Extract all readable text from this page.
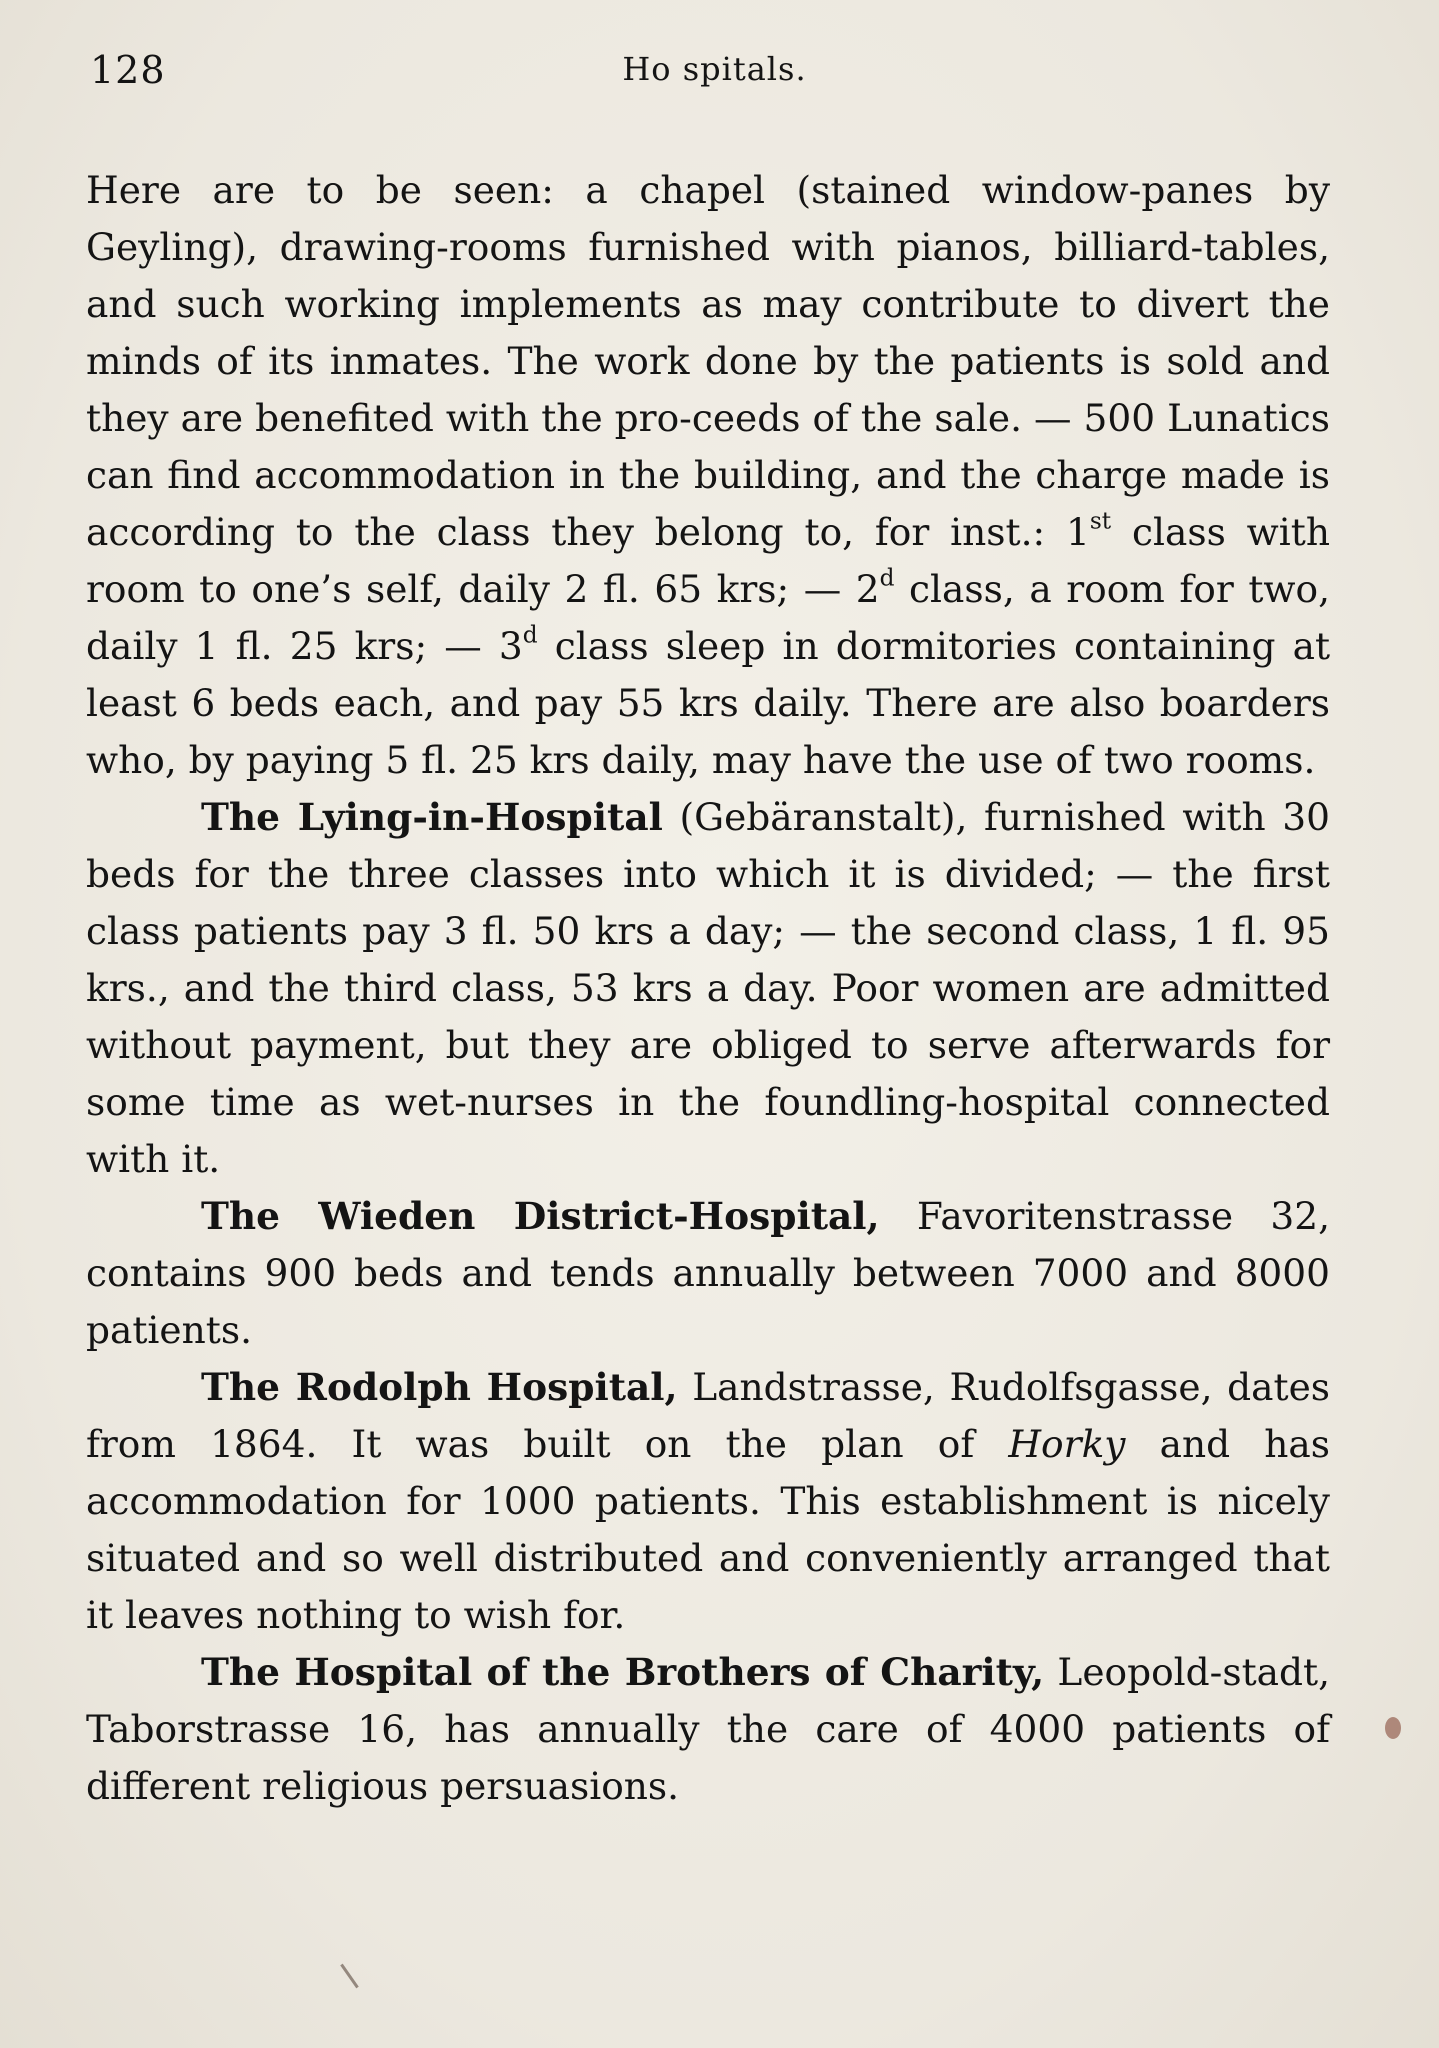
128	Ho spitals.

Here are to be seen: a chapel (stained window-panes by Geyling), drawing-rooms furnished with pianos, billiard-tables, and such working implements as may contribute to divert the minds of its inmates. The work done by the patients is sold and they are benefited with the pro-ceeds of the sale. — 500 Lunatics can find accommodation in the building, and the charge made is according to the class they belong to, for inst.: 1st class with room to one’s self, daily 2 fl. 65 krs; — 2$^d$ class, a room for two, daily 1 fl. 25 krs; — 3$^d$ class sleep in dormitories containing at least 6 beds each, and pay 55 krs daily. There are also boarders who, by paying 5 fl. 25 krs daily, may have the use of two rooms.

The Lying-in-Hospital (Gebäranstalt), furnished with 30 beds for the three classes into which it is divided; — the first class patients pay 3 fl. 50 krs a day; — the second class, 1 fl. 95 krs., and the third class, 53 krs a day. Poor women are admitted without payment, but they are obliged to serve afterwards for some time as wet-nurses in the foundling-hospital connected with it.

The Wieden District-Hospital, Favoritenstrasse 32, contains 900 beds and tends annually between 7000 and 8000 patients.

The Rodolph Hospital, Landstrasse, Rudolfsgasse, dates from 1864. It was built on the plan of Horky and has accommodation for 1000 patients. This establishment is nicely situated and so well distributed and conveniently arranged that it leaves nothing to wish for.

The Hospital of the Brothers of Charity, Leopold-stadt, Taborstrasse 16, has annually the care of 4000 patients of different religious persuasions.
